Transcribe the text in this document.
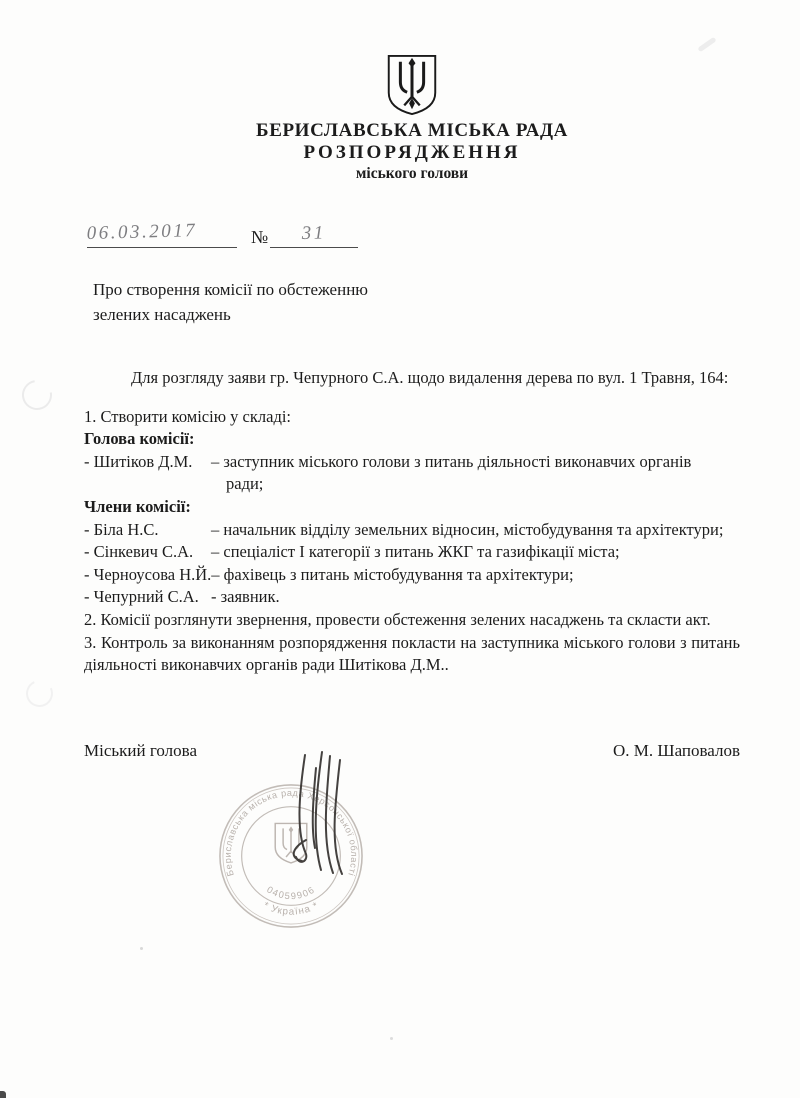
БЕРИСЛАВСЬКА МІСЬКА РАДА
РОЗПОРЯДЖЕННЯ
міського голови
06.03.2017	№ 31
Про створення комісії по обстеженню
зелених насаджень

Для розгляду заяви гр. Чепурного С.А. щодо видалення дерева по вул. 1 Травня, 164:

1. Створити комісію у складі:

Голова комісії:

- Шитіков Д.М.	– заступник міського голови з питань діяльності виконавчих органів ради;

Члени комісії:

- Біла Н.С.	– начальник відділу земельних відносин, містобудування та архітектури;
- Сінкевич С.А.	– спеціаліст І категорії з питань ЖКГ та газифікації міста;
- Черноусова Н.Й. – фахівець з питань містобудування та архітектури;
- Чепурний С.А. - заявник.

2. Комісії розглянути звернення, провести обстеження зелених насаджень та скласти акт.

3. Контроль за виконанням розпорядження покласти на заступника міського голови з питань діяльності виконавчих органів ради Шитікова Д.М..

Міський голова	О. М. Шаповалов
Бериславська міська рада Херсонської області
* Україна *
04059906
